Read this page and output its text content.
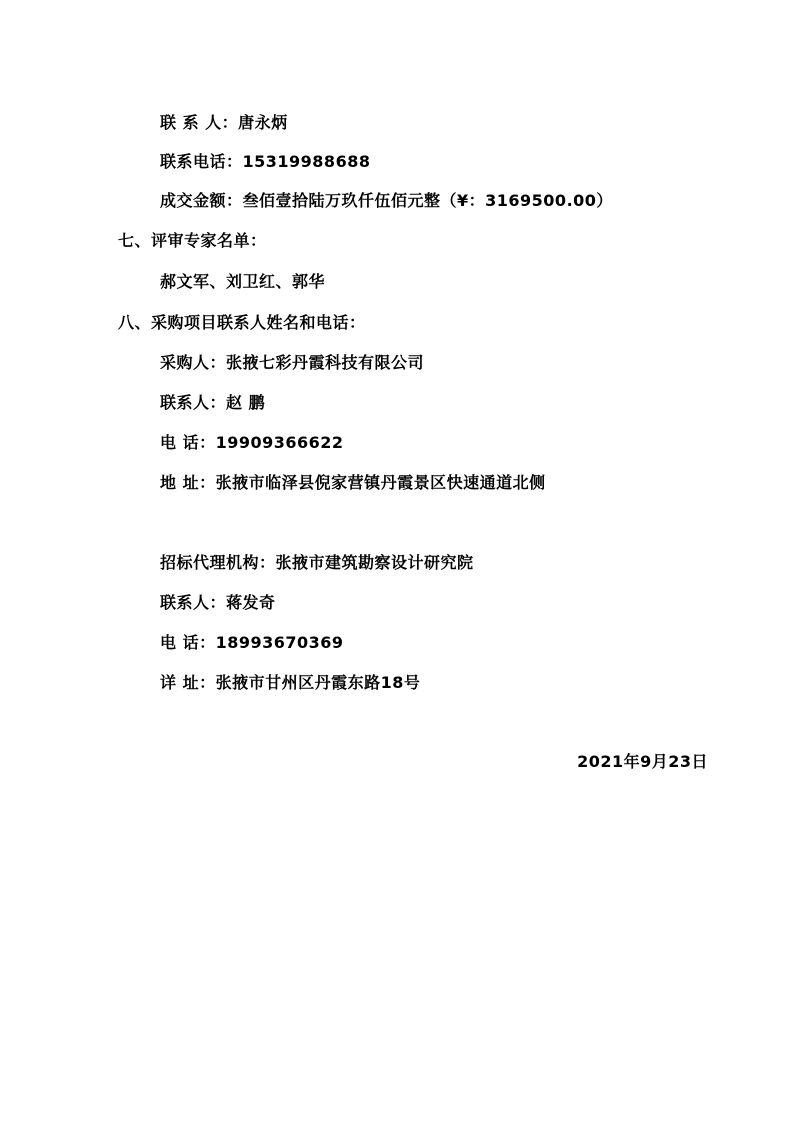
联 系 人：唐永炳
联系电话：15319988688
成交金额：叁佰壹拾陆万玖仟伍佰元整（¥：3169500.00）
七、评审专家名单：
郝文军、刘卫红、郭华
八、采购项目联系人姓名和电话：
采购人：张掖七彩丹霞科技有限公司
联系人：赵 鹏
电 话：19909366622
地 址：张掖市临泽县倪家营镇丹霞景区快速通道北侧
招标代理机构：张掖市建筑勘察设计研究院
联系人：蒋发奇
电 话：18993670369
详 址：张掖市甘州区丹霞东路18号
2021年9月23日
